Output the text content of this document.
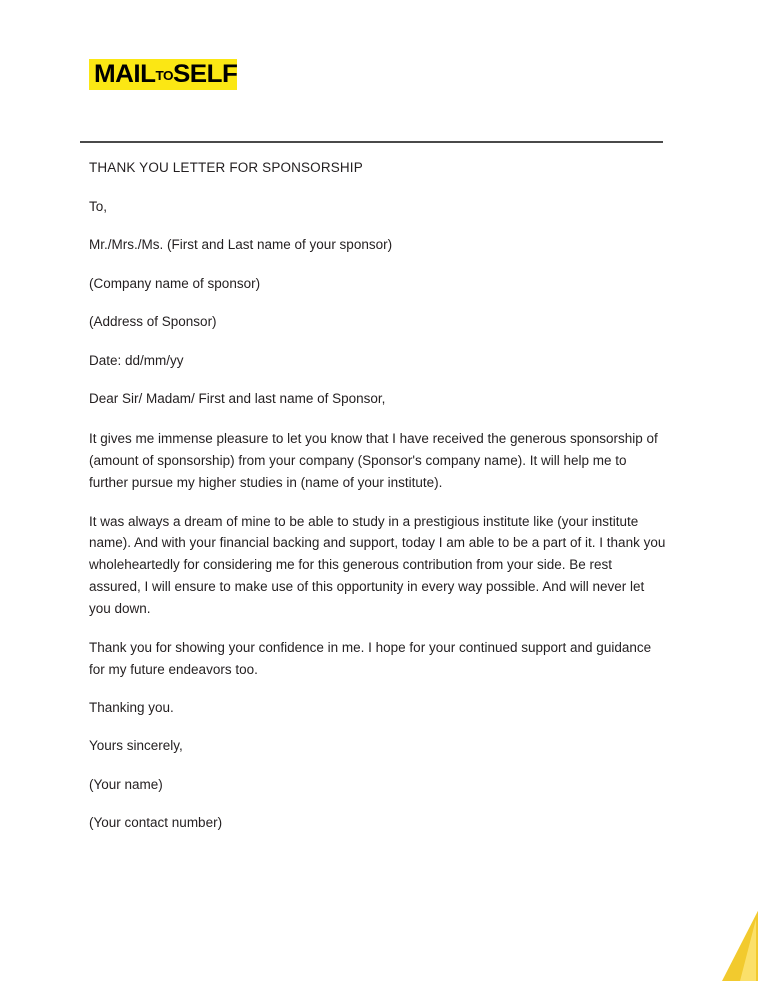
MAILTOSELF

THANK YOU LETTER FOR SPONSORSHIP

To,

Mr./Mrs./Ms. (First and Last name of your sponsor)

(Company name of sponsor)

(Address of Sponsor)

Date: dd/mm/yy

Dear Sir/ Madam/ First and last name of Sponsor,

It gives me immense pleasure to let you know that I have received the generous sponsorship of (amount of sponsorship) from your company (Sponsor's company name). It will help me to further pursue my higher studies in (name of your institute).

It was always a dream of mine to be able to study in a prestigious institute like (your institute name). And with your financial backing and support, today I am able to be a part of it. I thank you wholeheartedly for considering me for this generous contribution from your side. Be rest assured, I will ensure to make use of this opportunity in every way possible. And will never let you down.

Thank you for showing your confidence in me. I hope for your continued support and guidance for my future endeavors too.

Thanking you.

Yours sincerely,

(Your name)

(Your contact number)
